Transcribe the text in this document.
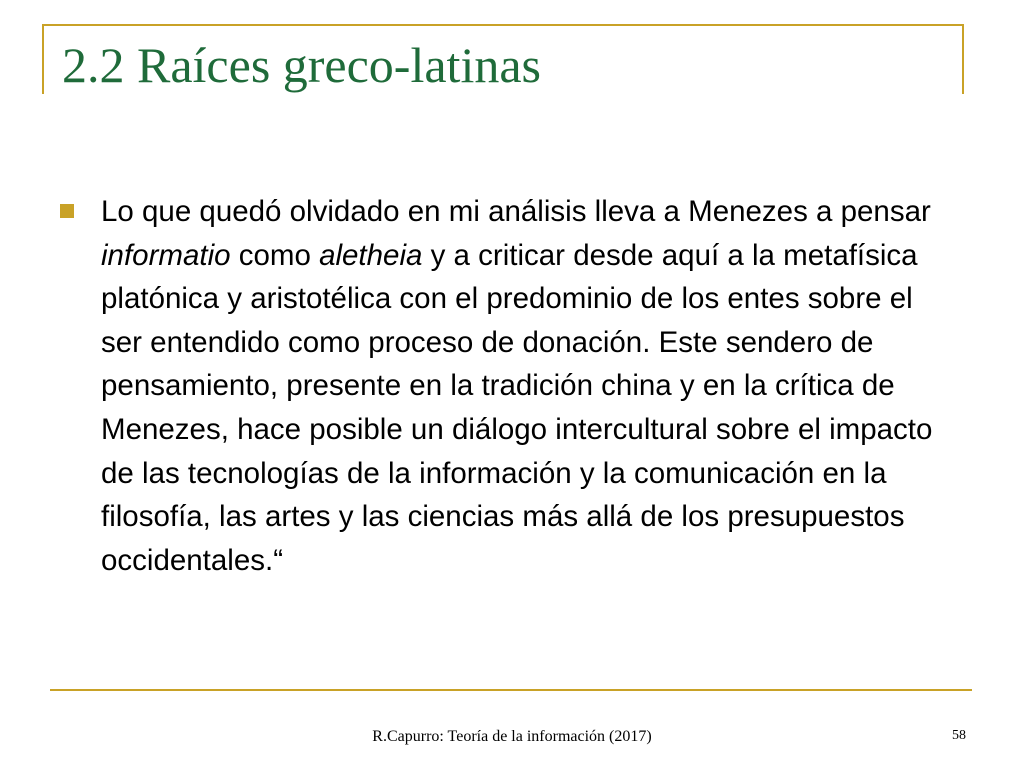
2.2 Raíces greco-latinas

Lo que quedó olvidado en mi análisis lleva a Menezes a pensar informatio como aletheia y a criticar desde aquí a la metafísica platónica y aristotélica con el predominio de los entes sobre el ser entendido como proceso de donación. Este sendero de pensamiento, presente en la tradición china y en la crítica de Menezes, hace posible un diálogo intercultural sobre el impacto de las tecnologías de la información y la comunicación en la filosofía, las artes y las ciencias más allá de los presupuestos occidentales.“

R.Capurro: Teoría de la información (2017)	58
